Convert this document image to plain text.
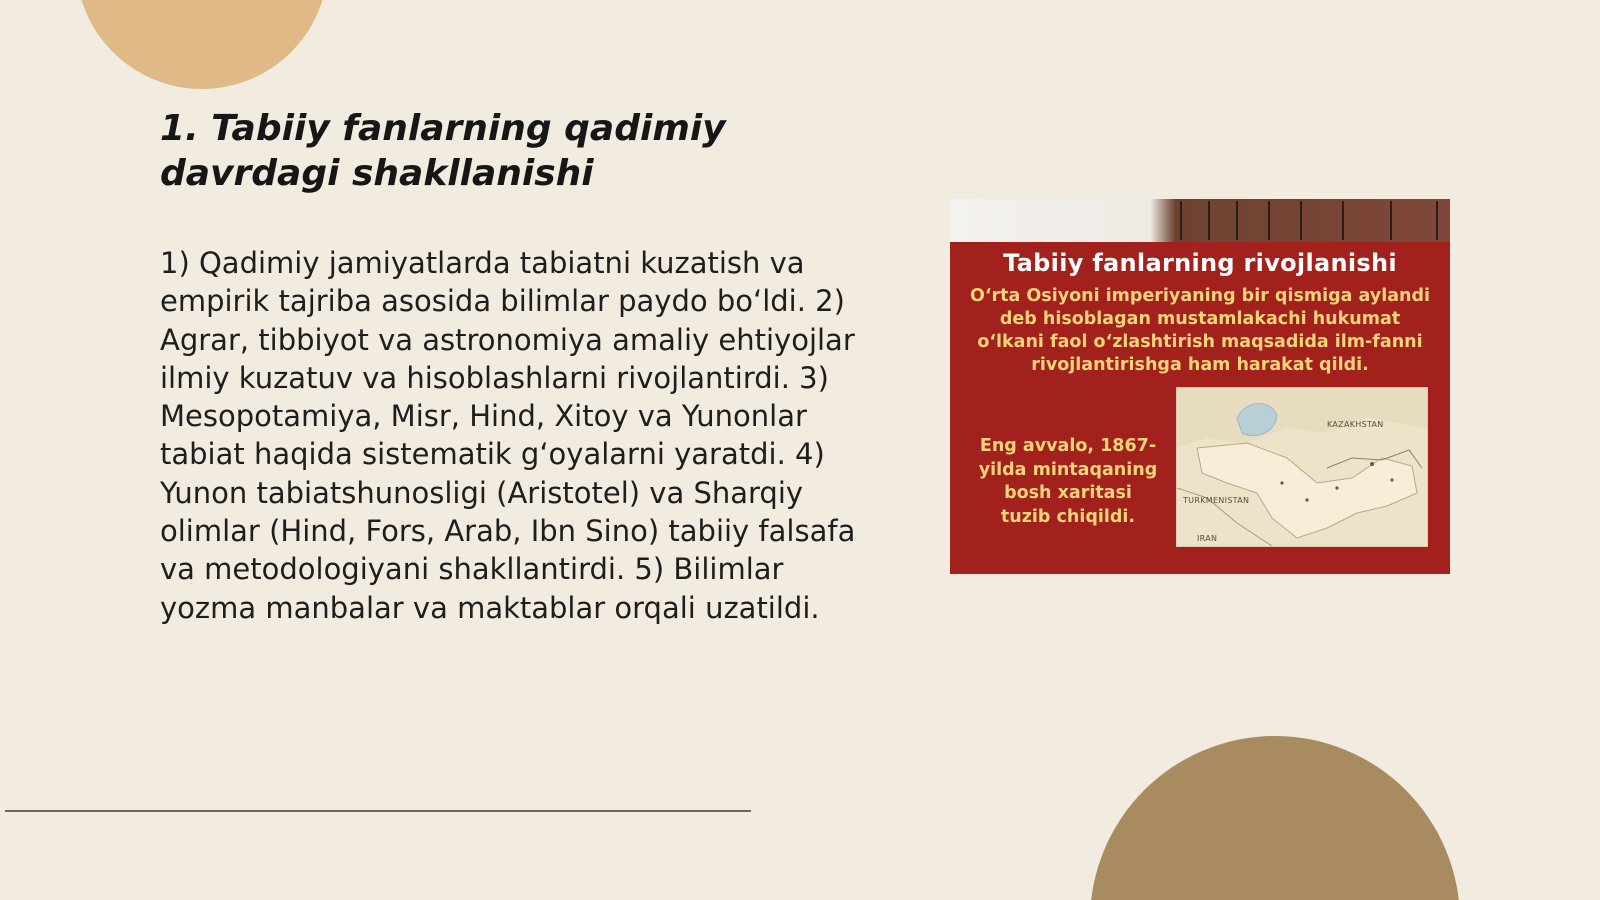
1. Tabiiy fanlarning qadimiy davrdagi shakllanishi

1) Qadimiy jamiyatlarda tabiatni kuzatish va empirik tajriba asosida bilimlar paydo bo‘ldi. 2) Agrar, tibbiyot va astronomiya amaliy ehtiyojlar ilmiy kuzatuv va hisoblashlarni rivojlantirdi. 3) Mesopotamiya, Misr, Hind, Xitoy va Yunonlar tabiat haqida sistematik g‘oyalarni yaratdi. 4) Yunon tabiatshunosligi (Aristotel) va Sharqiy olimlar (Hind, Fors, Arab, Ibn Sino) tabiiy falsafa va metodologiyani shakllantirdi. 5) Bilimlar yozma manbalar va maktablar orqali uzatildi.

Tabiiy fanlarning rivojlanishi
O‘rta Osiyoni imperiyaning bir qismiga aylandi deb hisoblagan mustamlakachi hukumat o‘lkani faol o‘zlashtirish maqsadida ilm-fanni rivojlantirishga ham harakat qildi.
Eng avvalo, 1867-yilda mintaqaning bosh xaritasi tuzib chiqildi.
KAZAKHSTAN
TURKMENISTAN
IRAN
